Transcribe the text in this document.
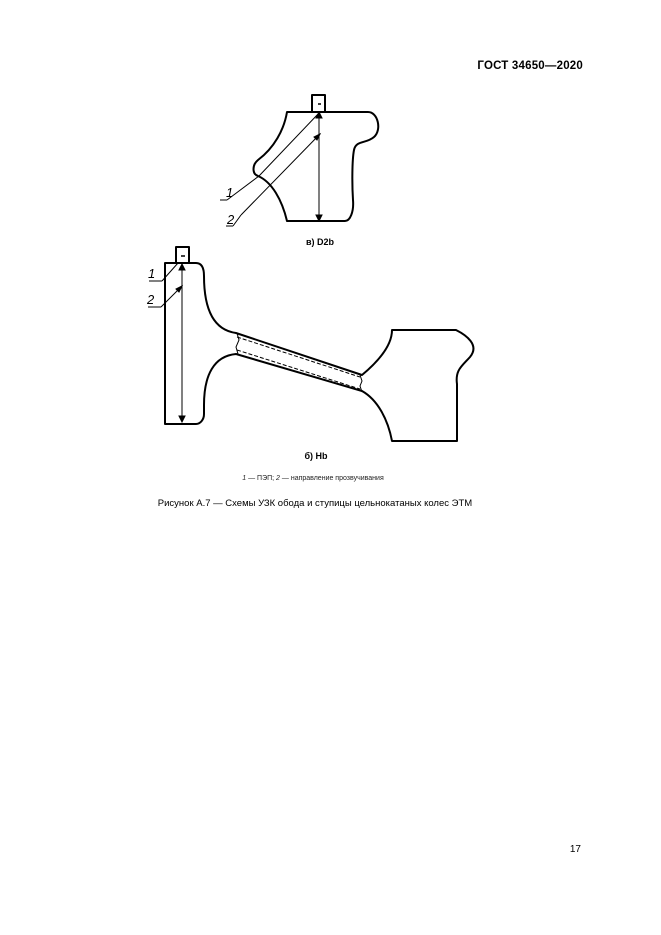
ГОСТ 34650—2020
1
2
1
2
в) D2b
б) Hb
1 — ПЭП; 2 — направление прозвучивания
Рисунок А.7 — Схемы УЗК обода и ступицы цельнокатаных колес ЭТМ
17
